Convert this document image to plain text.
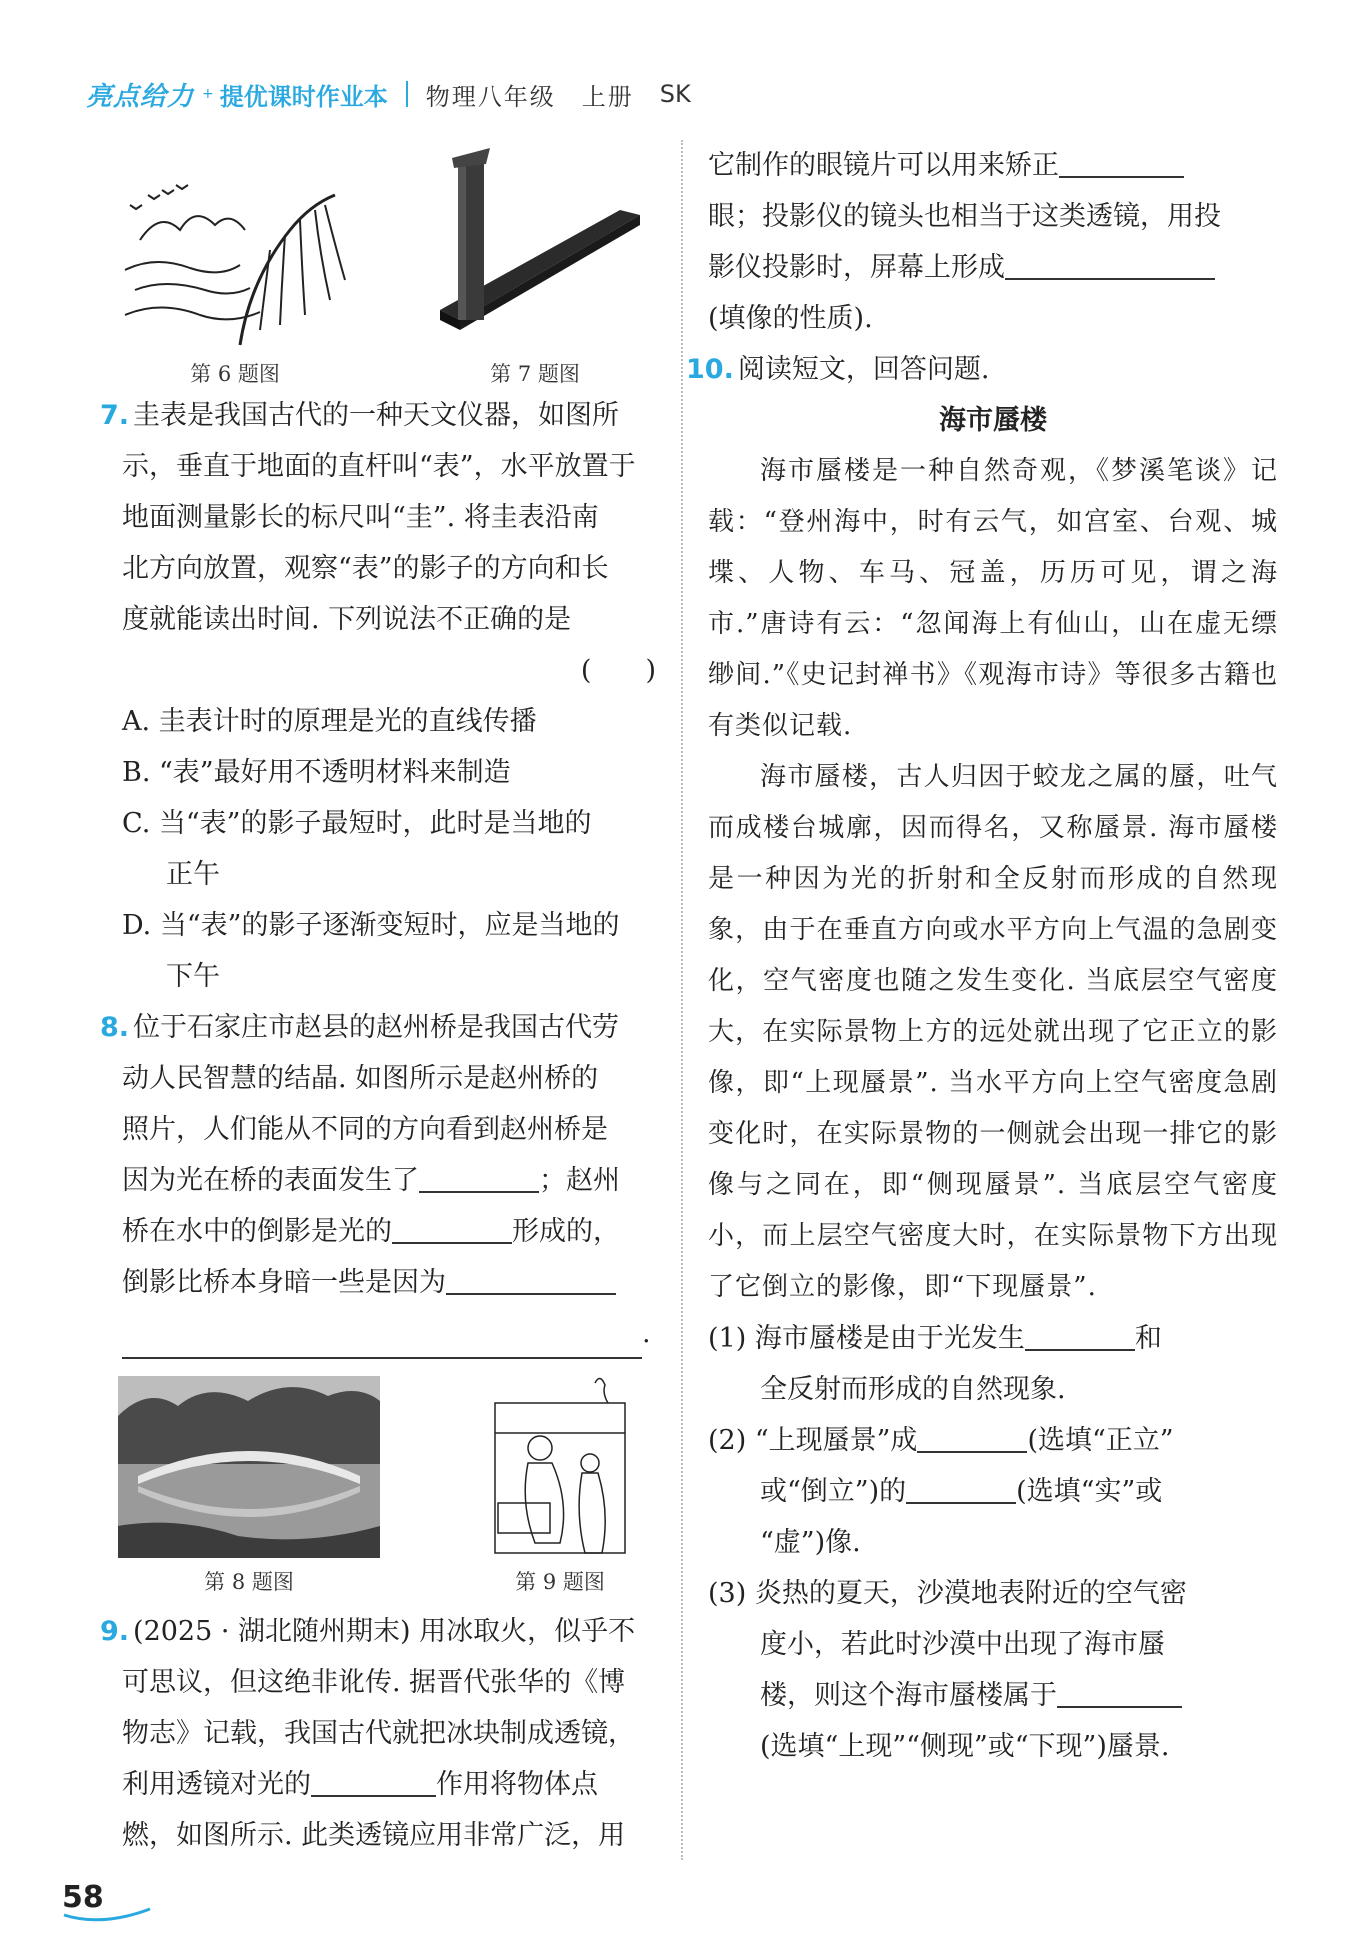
亮点给力 + 提优课时作业本 物理八年级 上册 SK
第 6 题图	第 7 题图

7. 圭表是我国古代的一种天文仪器，如图所

示，垂直于地面的直杆叫“表”，水平放置于

地面测量影长的标尺叫“圭”. 将圭表沿南

北方向放置，观察“表”的影子的方向和长

度就能读出时间. 下列说法不正确的是

(　　)
A. 圭表计时的原理是光的直线传播
B. “表”最好用不透明材料来制造
C. 当“表”的影子最短时，此时是当地的
正午
D. 当“表”的影子逐渐变短时，应是当地的
下午

8. 位于石家庄市赵县的赵州桥是我国古代劳

动人民智慧的结晶. 如图所示是赵州桥的

照片，人们能从不同的方向看到赵州桥是

因为光在桥的表面发生了	；赵州

桥在水中的倒影是光的	形成的，

倒影比桥本身暗一些是因为

.

第 8 题图	第 9 题图

9. (2025 · 湖北随州期末) 用冰取火，似乎不

可思议，但这绝非讹传. 据晋代张华的《博

物志》记载，我国古代就把冰块制成透镜，

利用透镜对光的	作用将物体点

燃，如图所示. 此类透镜应用非常广泛，用

它制作的眼镜片可以用来矫正

眼；投影仪的镜头也相当于这类透镜，用投

影仪投影时，屏幕上形成

(填像的性质).

10. 阅读短文，回答问题.

海市蜃楼

海市蜃楼是一种自然奇观，《梦溪笔谈》记载：“登州海中，时有云气，如宫室、台观、城堞、人物、车马、冠盖，历历可见，谓之海市.”唐诗有云：“忽闻海上有仙山，山在虚无缥缈间.”《史记封禅书》《观海市诗》等很多古籍也有类似记载.

海市蜃楼，古人归因于蛟龙之属的蜃，吐气而成楼台城廓，因而得名，又称蜃景. 海市蜃楼是一种因为光的折射和全反射而形成的自然现象，由于在垂直方向或水平方向上气温的急剧变化，空气密度也随之发生变化. 当底层空气密度大，在实际景物上方的远处就出现了它正立的影像，即“上现蜃景”. 当水平方向上空气密度急剧变化时，在实际景物的一侧就会出现一排它的影像与之同在，即“侧现蜃景”. 当底层空气密度小，而上层空气密度大时，在实际景物下方出现了它倒立的影像，即“下现蜃景”.

(1) 海市蜃楼是由于光发生	和
全反射而形成的自然现象.
(2) “上现蜃景”成	(选填“正立”
或“倒立”)的	(选填“实”或
“虚”)像.
(3) 炎热的夏天，沙漠地表附近的空气密
度小，若此时沙漠中出现了海市蜃
楼，则这个海市蜃楼属于
(选填“上现”“侧现”或“下现”)蜃景.
58
